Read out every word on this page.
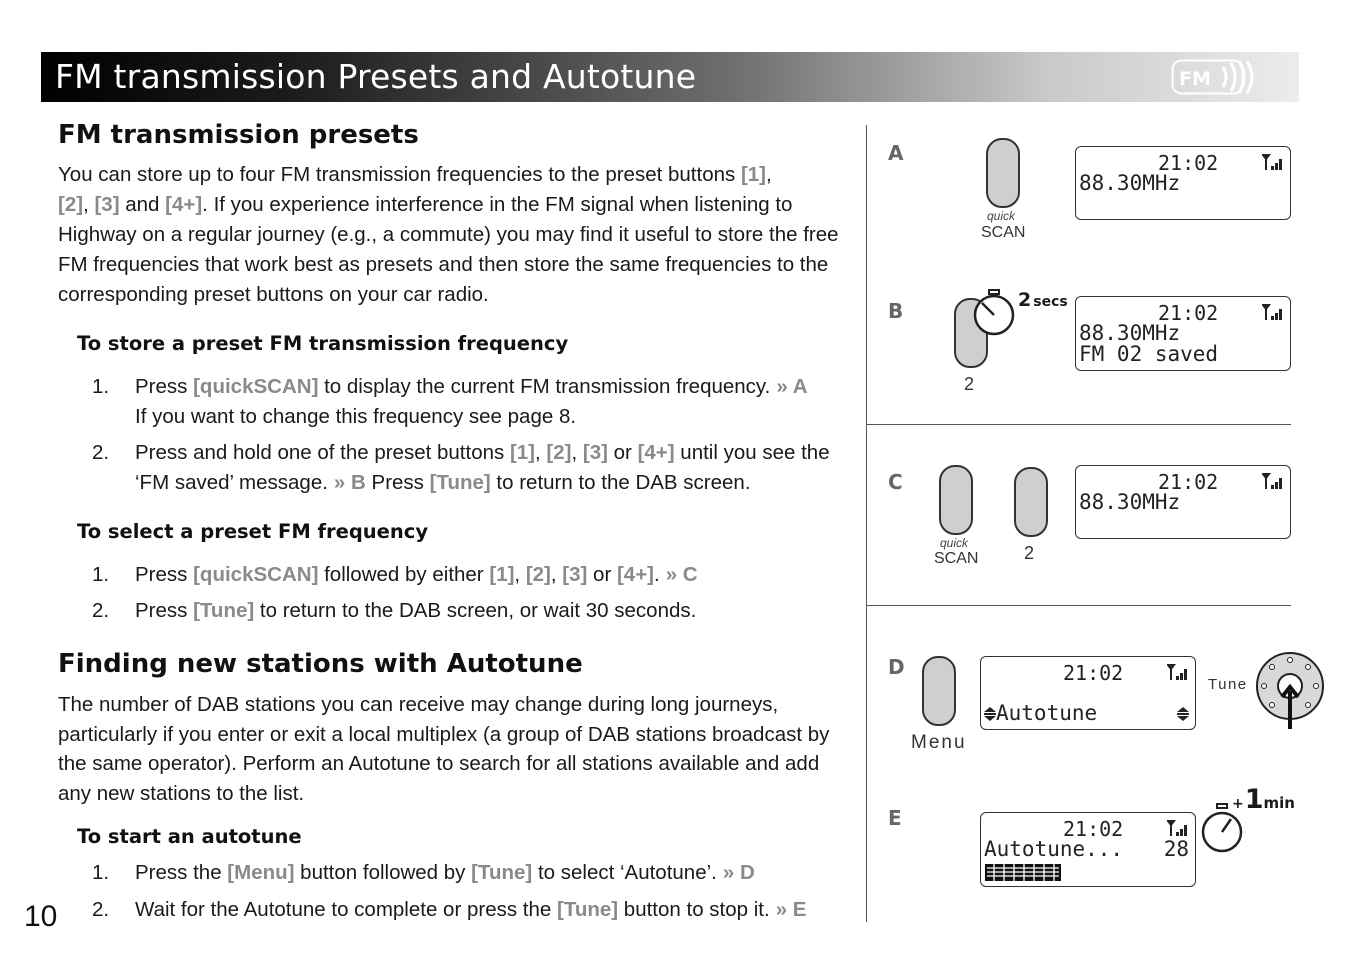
FM transmission Presets and Autotune	FM
FM transmission presets
You can store up to four FM transmission frequencies to the preset buttons [1],
[2], [3] and [4+]. If you experience interference in the FM signal when listening to Highway on a regular journey (e.g., a commute) you may find it useful to store the free FM frequencies that work best as presets and then store the same frequencies to the corresponding preset buttons on your car radio.
To store a preset FM transmission frequency
1. Press [quickSCAN] to display the current FM transmission frequency. » A
If you want to change this frequency see page 8.
2. Press and hold one of the preset buttons [1], [2], [3] or [4+] until you see the ‘FM saved’ message. » B Press [Tune] to return to the DAB screen.
To select a preset FM frequency
1. Press [quickSCAN] followed by either [1], [2], [3] or [4+]. » C
2. Press [Tune] to return to the DAB screen, or wait 30 seconds.
Finding new stations with Autotune
The number of DAB stations you can receive may change during long journeys, particularly if you enter or exit a local multiplex (a group of DAB stations broadcast by the same operator). Perform an Autotune to search for all stations available and add any new stations to the list.
To start an autotune
1. Press the [Menu] button followed by [Tune] to select ‘Autotune’. » D
2. Wait for the Autotune to complete or press the [Tune] button to stop it. » E
10
A
quick
SCAN
21:02
88.30MHz
B	2 secs
2
21:02
88.30MHz
FM 02 saved
C
quick
SCAN	2
21:02
88.30MHz
D
Menu
21:02
Autotune
Tune
E	21:02
Autotune... 28
+1min
